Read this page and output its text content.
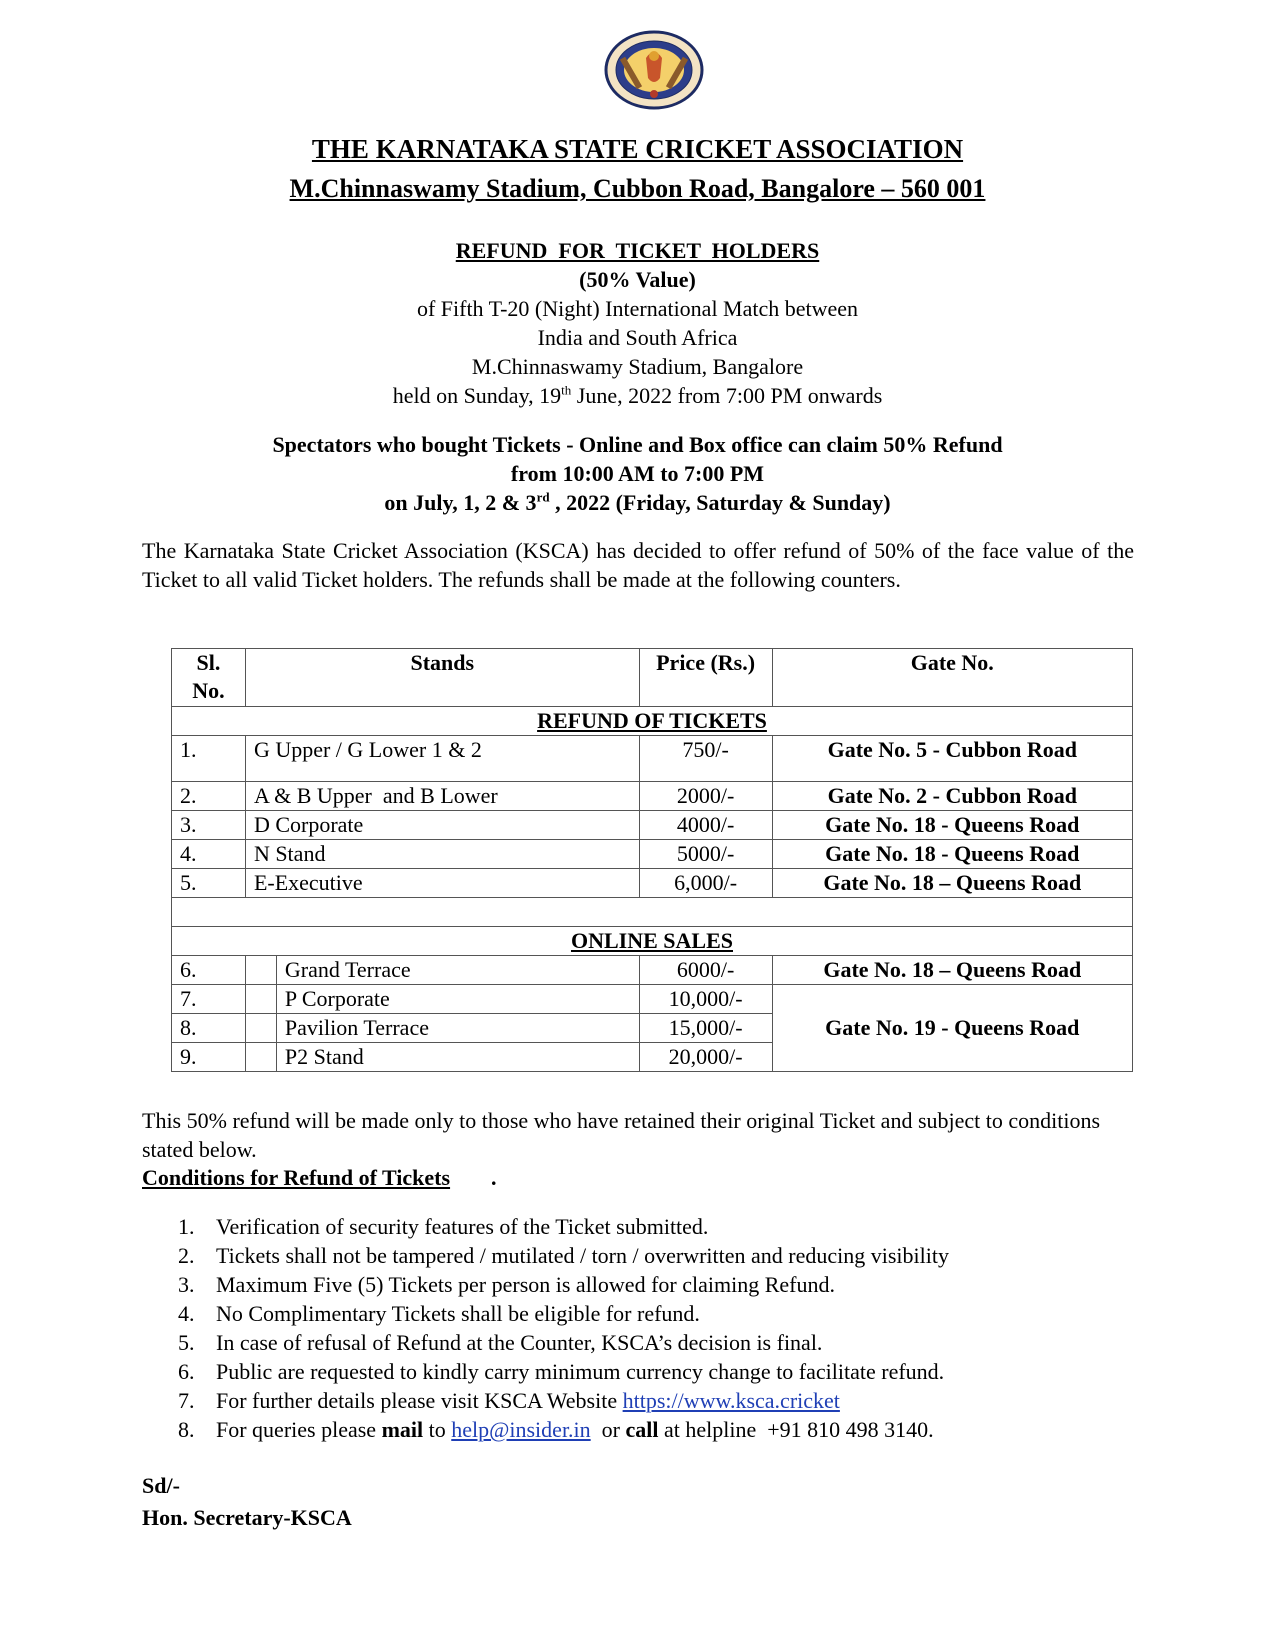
THE KARNATAKA STATE CRICKET ASSOCIATION
M.Chinnaswamy Stadium, Cubbon Road, Bangalore – 560 001
REFUND  FOR  TICKET  HOLDERS
(50% Value)
of Fifth T-20 (Night) International Match between
India and South Africa
M.Chinnaswamy Stadium, Bangalore
held on Sunday, 19th June, 2022 from 7:00 PM onwards
Spectators who bought Tickets - Online and Box office can claim 50% Refund
from 10:00 AM to 7:00 PM
on July, 1, 2 & 3rd , 2022 (Friday, Saturday & Sunday)
The Karnataka State Cricket Association (KSCA) has decided to offer refund of 50% of the face value of the Ticket to all valid Ticket holders. The refunds shall be made at the following counters.
Sl. No.	Stands		Price (Rs.)	Gate No.
REFUND OF TICKETS				
1.	G Upper / G Lower 1 & 2		750/-	Gate No. 5 - Cubbon Road
2.	A & B Upper  and B Lower		2000/-	Gate No. 2 - Cubbon Road
3.	D Corporate		4000/-	Gate No. 18 - Queens Road
4.	N Stand		5000/-	Gate No. 18 - Queens Road
5.	E-Executive		6,000/-	Gate No. 18 – Queens Road

ONLINE SALES				
6.		Grand Terrace	6000/-	Gate No. 18 – Queens Road
7.		P Corporate	10,000/-	Gate No. 19 - Queens Road
8.		Pavilion Terrace	15,000/-	
9.		P2 Stand	20,000/-	
This 50% refund will be made only to those who have retained their original Ticket and subject to conditions stated below.
Conditions for Refund of Tickets .
1. Verification of security features of the Ticket submitted.
2. Tickets shall not be tampered / mutilated / torn / overwritten and reducing visibility
3. Maximum Five (5) Tickets per person is allowed for claiming Refund.
4. No Complimentary Tickets shall be eligible for refund.
5. In case of refusal of Refund at the Counter, KSCA’s decision is final.
6. Public are requested to kindly carry minimum currency change to facilitate refund.
7. For further details please visit KSCA Website https://www.ksca.cricket
8. For queries please mail to help@insider.in  or call at helpline  +91 810 498 3140.
Sd/-
Hon. Secretary-KSCA
